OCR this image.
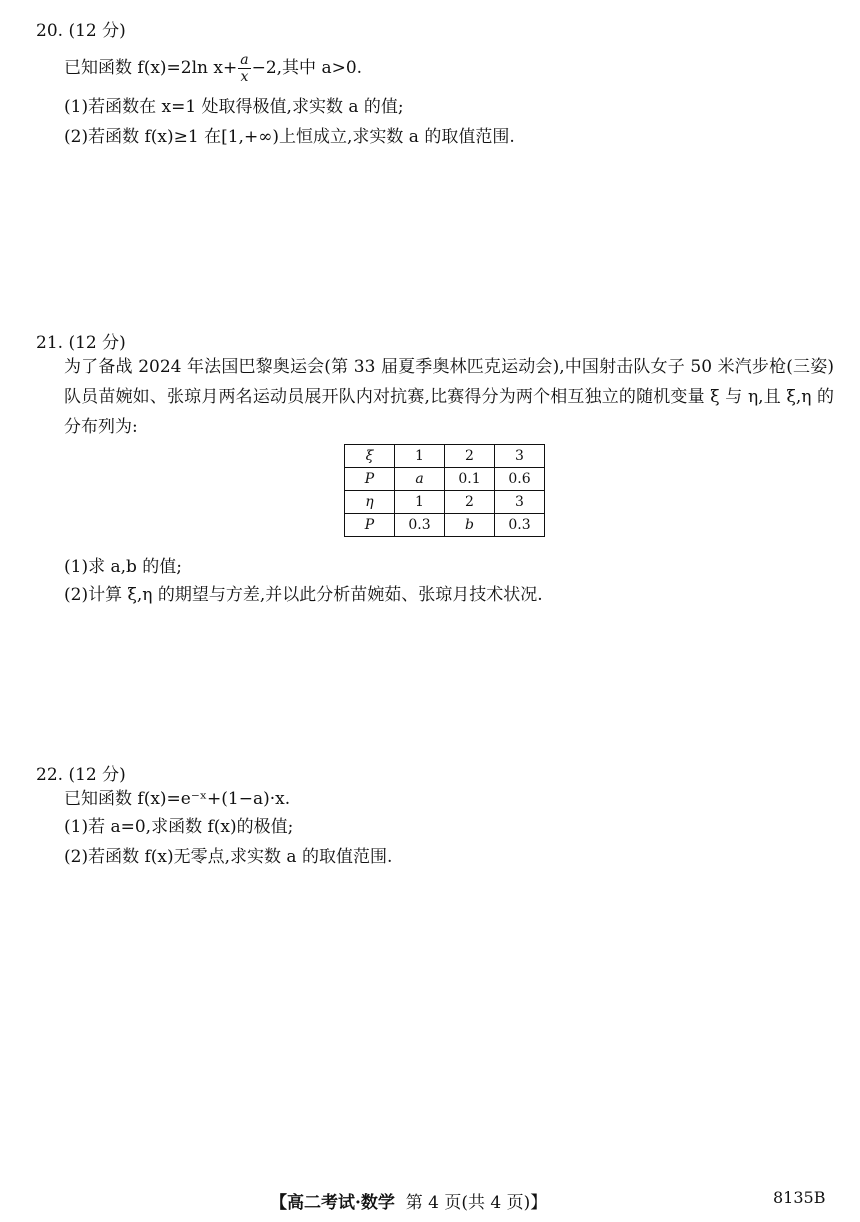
20. (12 分)
已知函数 f(x)=2ln $x+ \frac{a}{x} -2$,其中 a>0.
(1)若函数在 x=1 处取得极值,求实数 a 的值;
(2)若函数 f(x)≥1 在[1,+∞)上恒成立,求实数 a 的取值范围.
21. (12 分)
为了备战 2024 年法国巴黎奥运会(第 33 届夏季奥林匹克运动会),中国射击队女子 50 米汽步枪(三姿)队员苗婉如、张琼月两名运动员展开队内对抗赛,比赛得分为两个相互独立的随机变量 ξ 与 η,且 ξ,η 的分布列为:
ξ	1	2	3
P	a	0.1	0.6
η	1	2	3
P	0.3	b	0.3
(1)求 a,b 的值;
(2)计算 ξ,η 的期望与方差,并以此分析苗婉茹、张琼月技术状况.
22. (12 分)
已知函数 f(x)=e⁻ˣ+(1−a)·x.
(1)若 a=0,求函数 f(x)的极值;
(2)若函数 f(x)无零点,求实数 a 的取值范围.
【高二考试·数学 第 4 页(共 4 页)】	8135B
